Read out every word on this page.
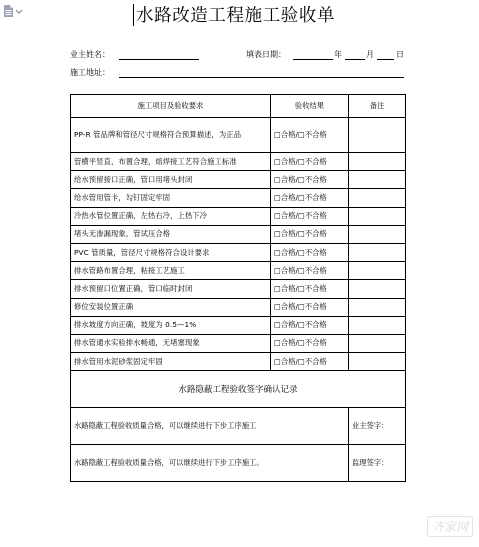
水路改造工程施工验收单
业主姓名：	填表日期：	年	月	日
施工地址：
施工项目及验收要求	验收结果	备注
PP-R 管品牌和管径尺寸规格符合预算描述，为正品	□合格/□不合格	
管横平竖直，布置合理，熔焊接工艺符合施工标准	□合格/□不合格	
给水预留接口正确，管口用堵头封闭	□合格/□不合格	
给水管用管卡，勾钉固定牢固	□合格/□不合格	
冷热水管位置正确，左热右冷，上热下冷	□合格/□不合格	
堵头无渗漏现象，管试压合格	□合格/□不合格	
PVC 管质量，管径尺寸规格符合设计要求	□合格/□不合格	
排水管路布置合理，粘接工艺施工	□合格/□不合格	
排水预留口位置正确，管口临时封闭	□合格/□不合格	
修位安装位置正确	□合格/□不合格	
排水坡度方向正确，坡度为 0.5—1%	□合格/□不合格	
排水管通水实验排水畅通，无堵塞现象	□合格/□不合格	
排水管用水泥砂浆固定牢固	□合格/□不合格	
水路隐蔽工程验收签字确认记录		
水路隐蔽工程验收质量合格，可以继续进行下步工序施工		业主签字：
水路隐蔽工程验收质量合格，可以继续进行下步工序施工。		监理签字：
齐家网
